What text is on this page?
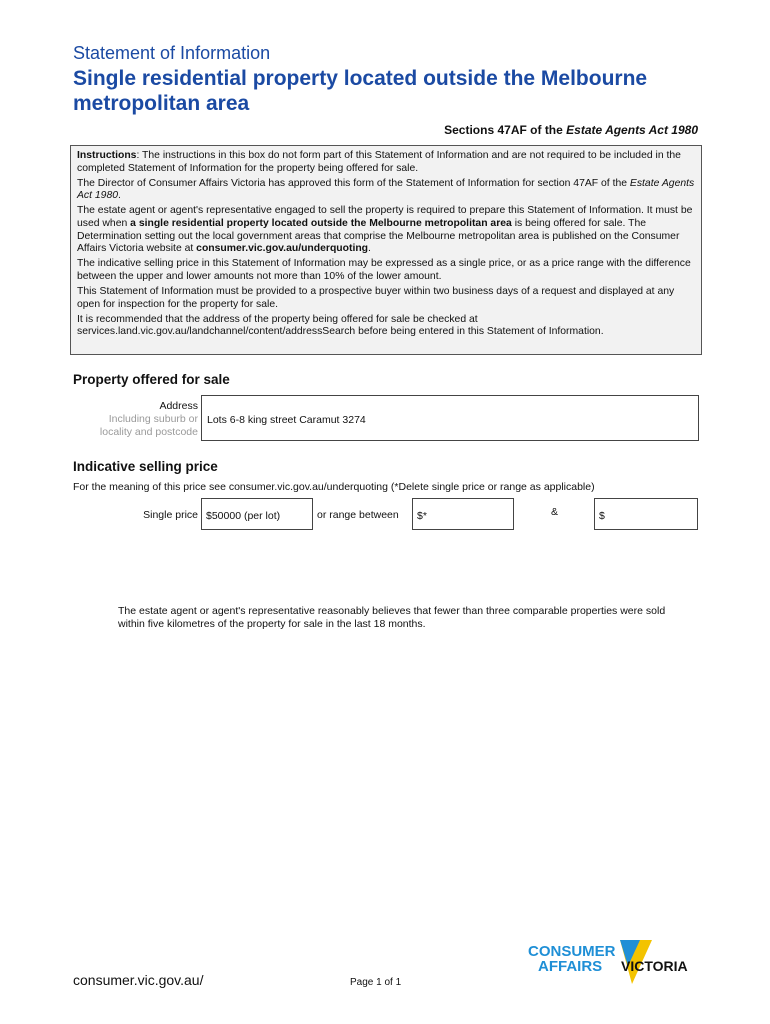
Statement of Information
Single residential property located outside the Melbourne metropolitan area
Sections 47AF of the Estate Agents Act 1980

Instructions: The instructions in this box do not form part of this Statement of Information and are not required to be included in the completed Statement of Information for the property being offered for sale.

The Director of Consumer Affairs Victoria has approved this form of the Statement of Information for section 47AF of the Estate Agents Act 1980.

The estate agent or agent's representative engaged to sell the property is required to prepare this Statement of Information. It must be used when a single residential property located outside the Melbourne metropolitan area is being offered for sale. The Determination setting out the local government areas that comprise the Melbourne metropolitan area is published on the Consumer Affairs Victoria website at consumer.vic.gov.au/underquoting.

The indicative selling price in this Statement of Information may be expressed as a single price, or as a price range with the difference between the upper and lower amounts not more than 10% of the lower amount.

This Statement of Information must be provided to a prospective buyer within two business days of a request and displayed at any open for inspection for the property for sale.

It is recommended that the address of the property being offered for sale be checked at services.land.vic.gov.au/landchannel/content/addressSearch before being entered in this Statement of Information.

Property offered for sale
Address
Including suburb or
locality and postcode
Lots 6-8 king street Caramut 3274
Indicative selling price
For the meaning of this price see consumer.vic.gov.au/underquoting (*Delete single price or range as applicable)
Single price $50000 (per lot)	or range between	$*	&	$
The estate agent or agent's representative reasonably believes that fewer than three comparable properties were sold within five kilometres of the property for sale in the last 18 months.
consumer.vic.gov.au/	Page 1 of 1
CONSUMER
AFFAIRS VICTORIA
